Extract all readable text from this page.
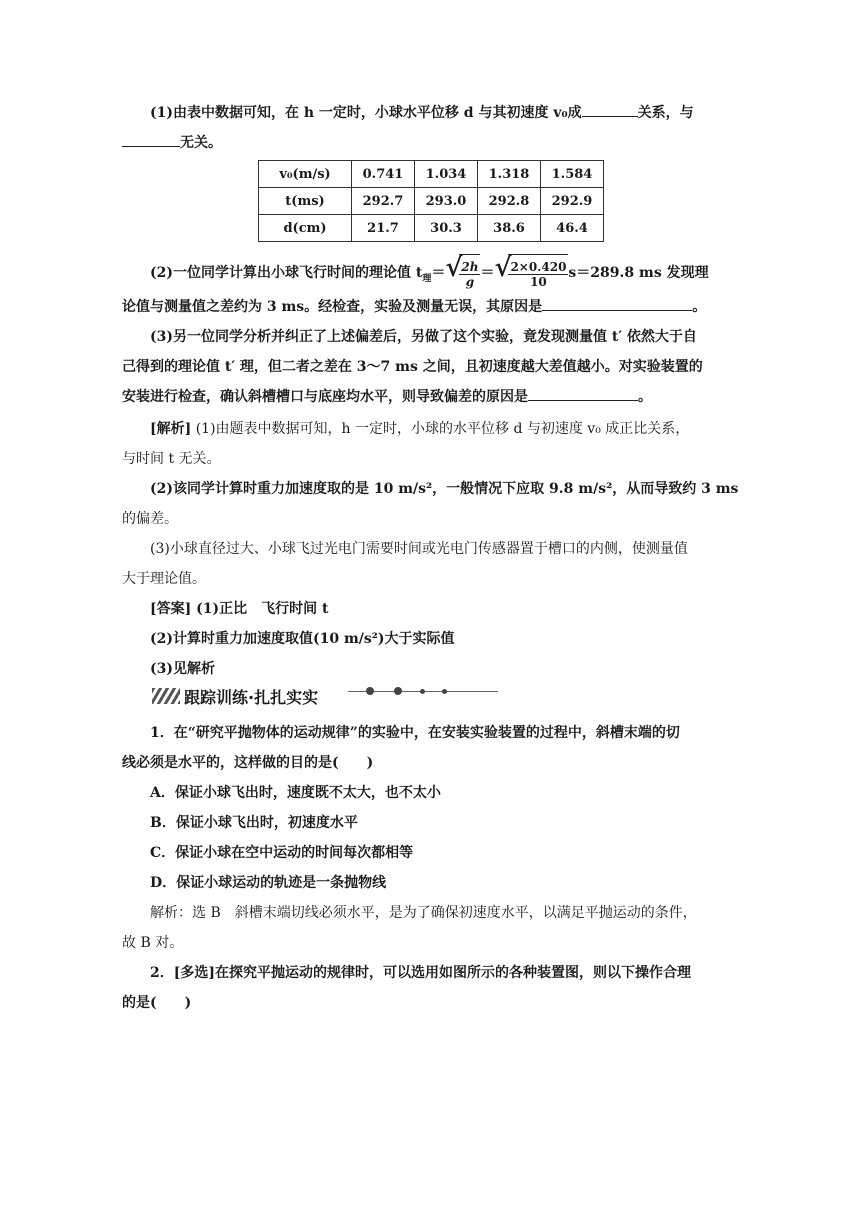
(1)由表中数据可知，在 h 一定时，小球水平位移 d 与其初速度 v₀成	关系，与
无关。
v₀(m/s)	0.741	1.034	1.318	1.584
t(ms)	292.7	293.0	292.8	292.9
d(cm)	21.7	30.3	38.6	46.4
(2)一位同学计算出小球飞行时间的理论值 $t_理=$ √ $\frac{2h}{g}$ ＝ √ $\frac{2\times 0.420}{10} s=289.8$ ms 发现理
论值与测量值之差约为 3 ms。经检查，实验及测量无误，其原因是	。
(3)另一位同学分析并纠正了上述偏差后，另做了这个实验，竟发现测量值 t′ 依然大于自
己得到的理论值 t′ 理，但二者之差在 3～7 ms 之间，且初速度越大差值越小。对实验装置的
安装进行检查，确认斜槽槽口与底座均水平，则导致偏差的原因是	。
[解析] (1)由题表中数据可知，h 一定时，小球的水平位移 d 与初速度 v₀ 成正比关系，
与时间 t 无关。
(2)该同学计算时重力加速度取的是 10 m/s²，一般情况下应取 9.8 m/s²，从而导致约 3 ms
的偏差。
(3)小球直径过大、小球飞过光电门需要时间或光电门传感器置于槽口的内侧，使测量值
大于理论值。
[答案] (1)正比　飞行时间 t
(2)计算时重力加速度取值(10 m/s²)大于实际值
(3)见解析
跟踪训练·扎扎实实
1．在“研究平抛物体的运动规律”的实验中，在安装实验装置的过程中，斜槽末端的切
线必须是水平的，这样做的目的是(　　)
A．保证小球飞出时，速度既不太大，也不太小
B．保证小球飞出时，初速度水平
C．保证小球在空中运动的时间每次都相等
D．保证小球运动的轨迹是一条抛物线
解析：选 B　斜槽末端切线必须水平，是为了确保初速度水平，以满足平抛运动的条件，
故 B 对。
2．[多选]在探究平抛运动的规律时，可以选用如图所示的各种装置图，则以下操作合理
的是(　　)
